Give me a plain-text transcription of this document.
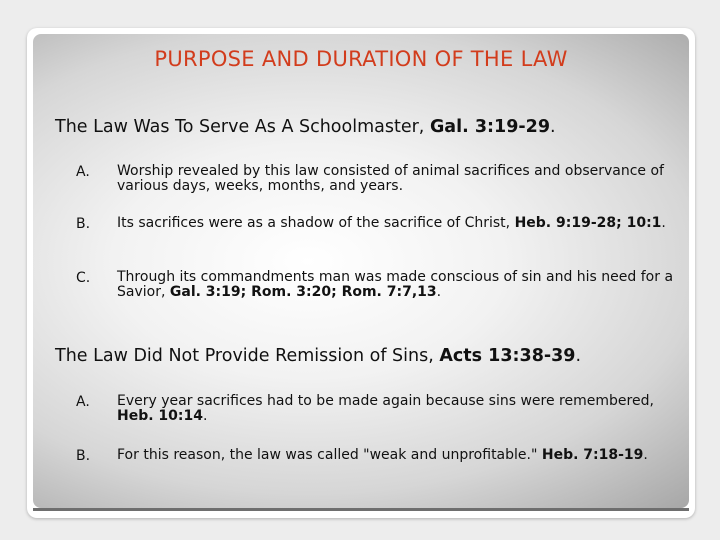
PURPOSE AND DURATION OF THE LAW
The Law Was To Serve As A Schoolmaster, Gal. 3:19-29.
A. Worship revealed by this law consisted of animal sacrifices and observance of various days, weeks, months, and years.
B. Its sacrifices were as a shadow of the sacrifice of Christ, Heb. 9:19-28; 10:1.
C. Through its commandments man was made conscious of sin and his need for a Savior, Gal. 3:19; Rom. 3:20; Rom. 7:7,13.
The Law Did Not Provide Remission of Sins, Acts 13:38-39.
A. Every year sacrifices had to be made again because sins were remembered, Heb. 10:14.
B. For this reason, the law was called "weak and unprofitable." Heb. 7:18-19.
